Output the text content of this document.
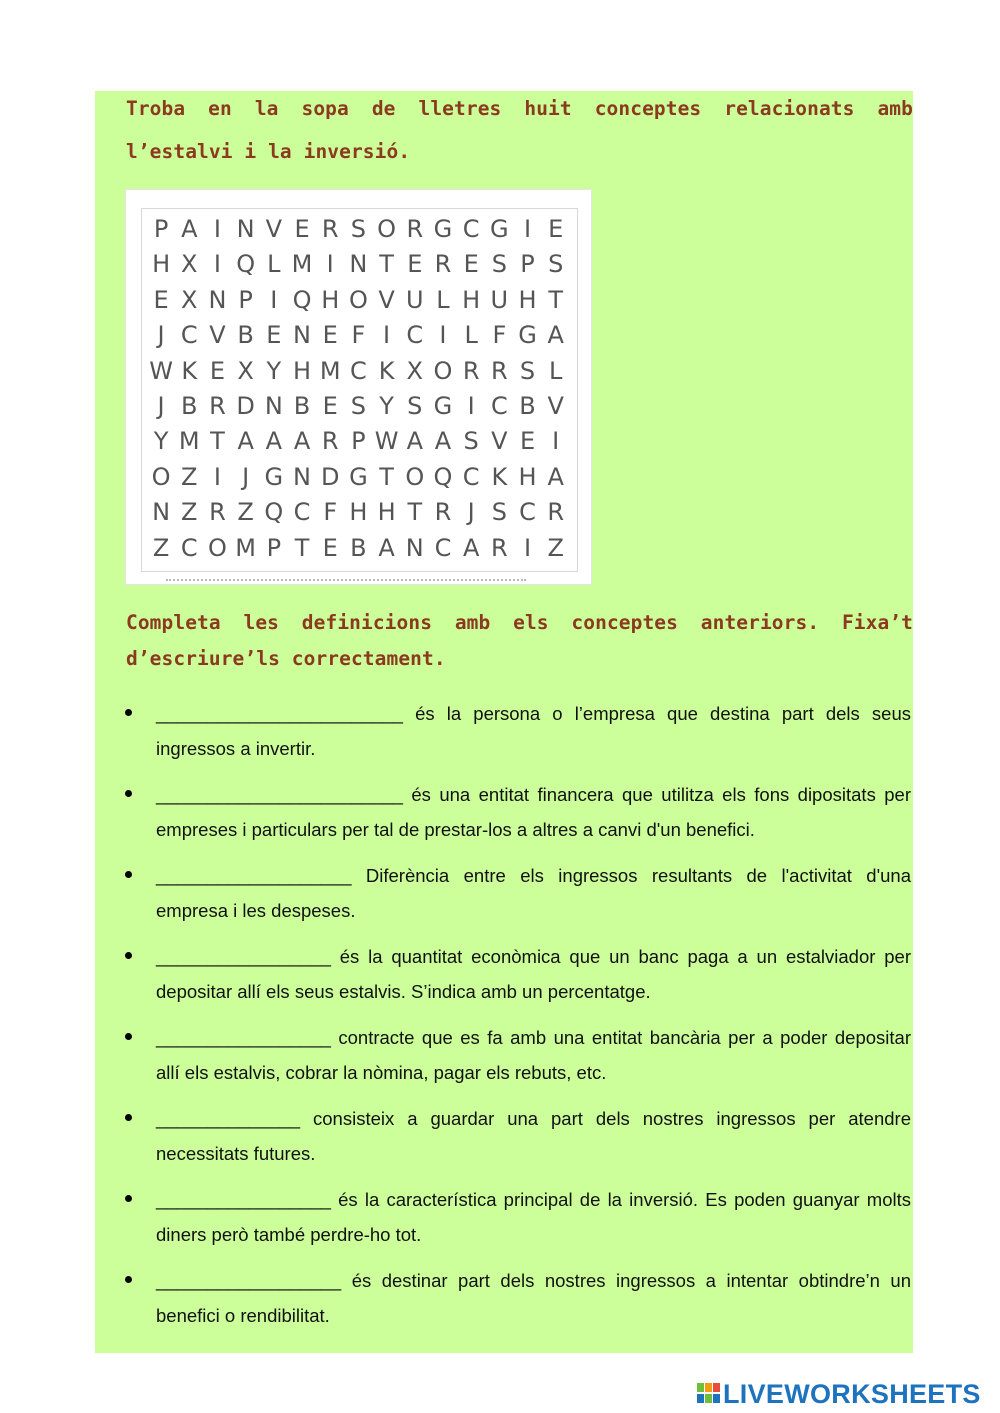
Troba en la sopa de lletres huit conceptes relacionats amb l’estalvi i la inversió.
P A I N V E R S O R G C G I E
H X I Q L M I N T E R E S P S
E X N P I Q H O V U L H U H T
J C V B E N E F I C I L F G A
W K E X Y H M C K X O R R S L
J B R D N B E S Y S G I C B V
Y M T A A A R P W A A S V E I
O Z I J G N D G T O Q C K H A
N Z R Z Q C F H H T R J S C R
Z C O M P T E B A N C A R I Z
Completa les definicions amb els conceptes anteriors. Fixa’t d’escriure’ls correctament.
________________________ és la persona o l’empresa que destina part dels seus ingressos a invertir.
________________________ és una entitat financera que utilitza els fons dipositats per empreses i particulars per tal de prestar-los a altres a canvi d'un benefici.
___________________ Diferència entre els ingressos resultants de l'activitat d'una empresa i les despeses.
_________________ és la quantitat econòmica que un banc paga a un estalviador per depositar allí els seus estalvis. S’indica amb un percentatge.
_________________ contracte que es fa amb una entitat bancària per a poder depositar allí els estalvis, cobrar la nòmina, pagar els rebuts, etc.
______________ consisteix a guardar una part dels nostres ingressos per atendre necessitats futures.
_________________ és la característica principal de la inversió. Es poden guanyar molts diners però també perdre-ho tot.
__________________ és destinar part dels nostres ingressos a intentar obtindre’n un benefici o rendibilitat.
LIVEWORKSHEETS
